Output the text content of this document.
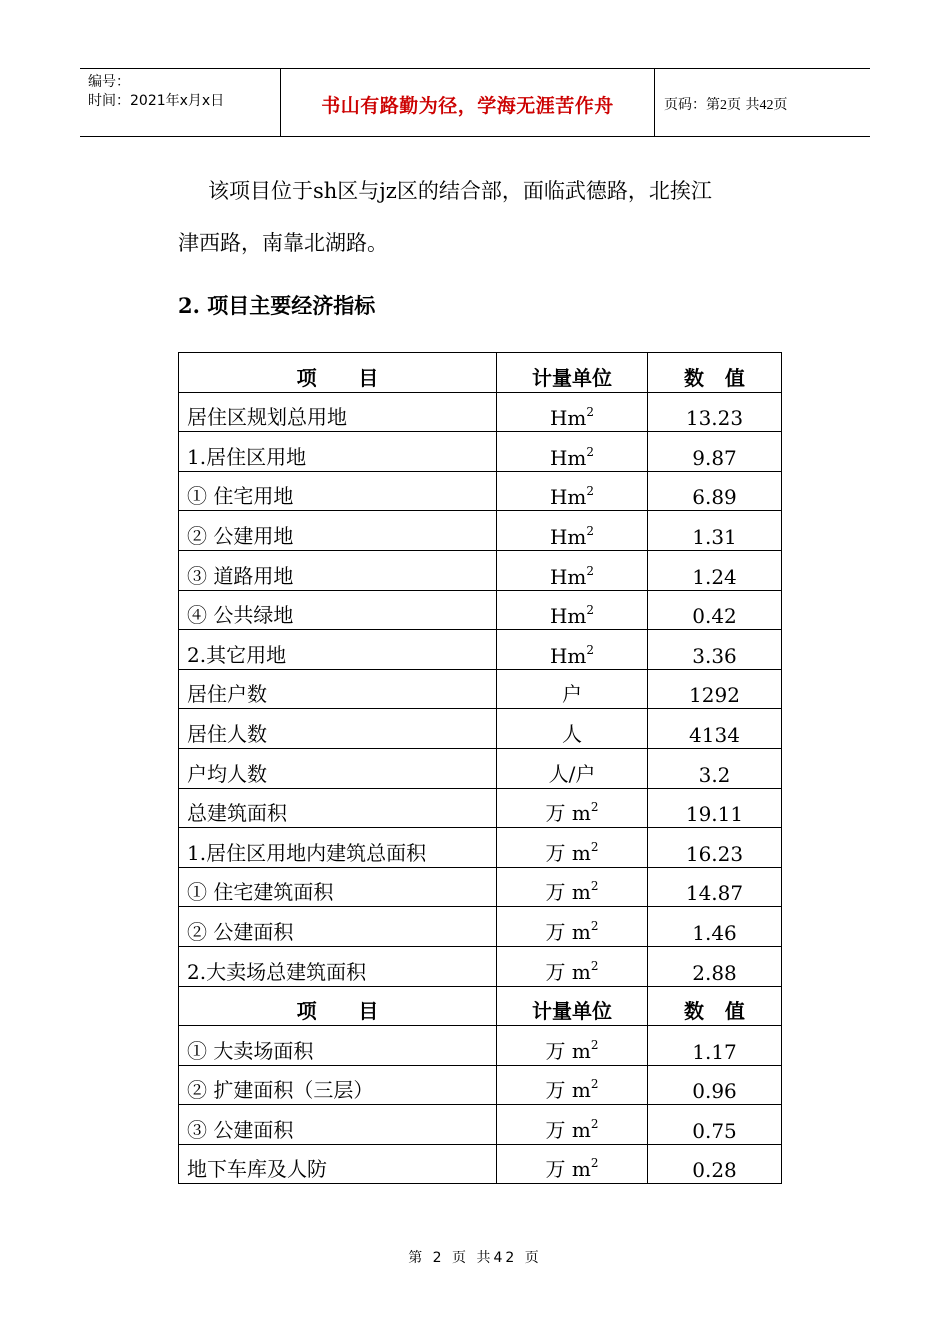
编号：
时间：2021年x月x日	书山有路勤为径，学海无涯苦作舟	页码：第2页 共42页
该项目位于sh区与jz区的结合部，面临武德路，北挨江
津西路，南靠北湖路。
2. 项目主要经济指标
项      目	计量单位	数   值
居住区规划总用地	Hm$^2$	13.23
1.居住区用地	Hm$^2$	9.87
① 住宅用地	Hm$^2$	6.89
② 公建用地	Hm$^2$	1.31
③ 道路用地	Hm$^2$	1.24
④ 公共绿地	Hm$^2$	0.42
2.其它用地	Hm$^2$	3.36
居住户数	户	1292
居住人数	人	4134
户均人数	人/户	3.2
总建筑面积	万 $m^2$	19.11
1.居住区用地内建筑总面积	万 $m^2$	16.23
① 住宅建筑面积	万 $m^2$	14.87
② 公建面积	万 $m^2$	1.46
2.大卖场总建筑面积	万 $m^2$	2.88
项      目	计量单位	数   值
① 大卖场面积	万 $m^2$	1.17
② 扩建面积（三层）	万 $m^2$	0.96
③ 公建面积	万 $m^2$	0.75
地下车库及人防	万 $m^2$	0.28
第 2 页 共42 页
